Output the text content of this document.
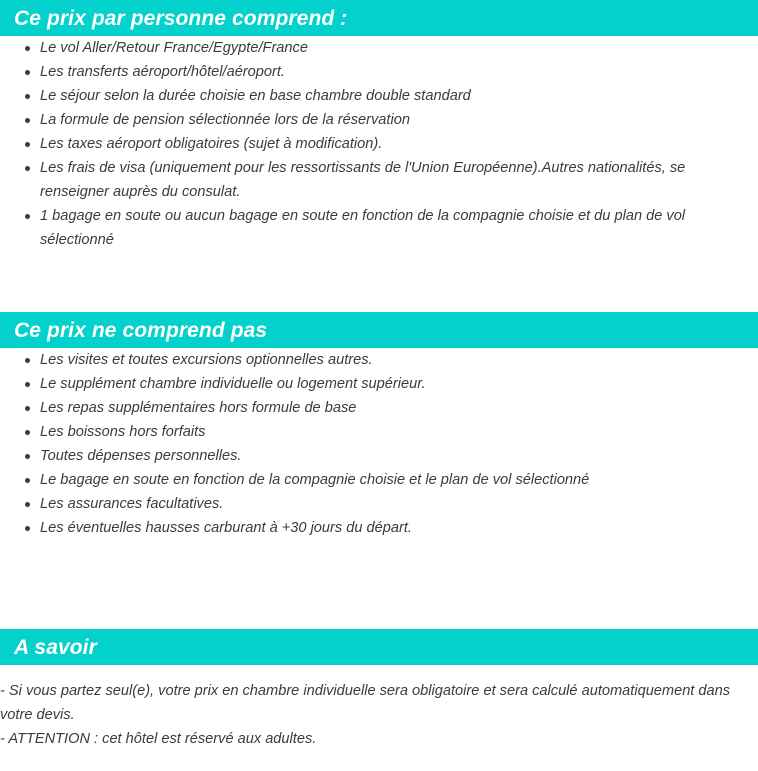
Ce prix par personne comprend :
Le vol Aller/Retour France/Egypte/France
Les transferts aéroport/hôtel/aéroport.
Le séjour selon la durée choisie en base chambre double standard
La formule de pension sélectionnée lors de la réservation
Les taxes aéroport obligatoires (sujet à modification).
Les frais de visa (uniquement pour les ressortissants de l'Union Européenne).Autres nationalités, se renseigner auprès du consulat.
1 bagage en soute ou aucun bagage en soute en fonction de la compagnie choisie et du plan de vol sélectionné
Ce prix ne comprend pas
Les visites et toutes excursions optionnelles autres.
Le supplément chambre individuelle ou logement supérieur.
Les repas supplémentaires hors formule de base
Les boissons hors forfaits
Toutes dépenses personnelles.
Le bagage en soute en fonction de la compagnie choisie et le plan de vol sélectionné
Les assurances facultatives.
Les éventuelles hausses carburant à +30 jours du départ.
A savoir

- Si vous partez seul(e), votre prix en chambre individuelle sera obligatoire et sera calculé automatiquement dans votre devis.

- ATTENTION : cet hôtel est réservé aux adultes.
